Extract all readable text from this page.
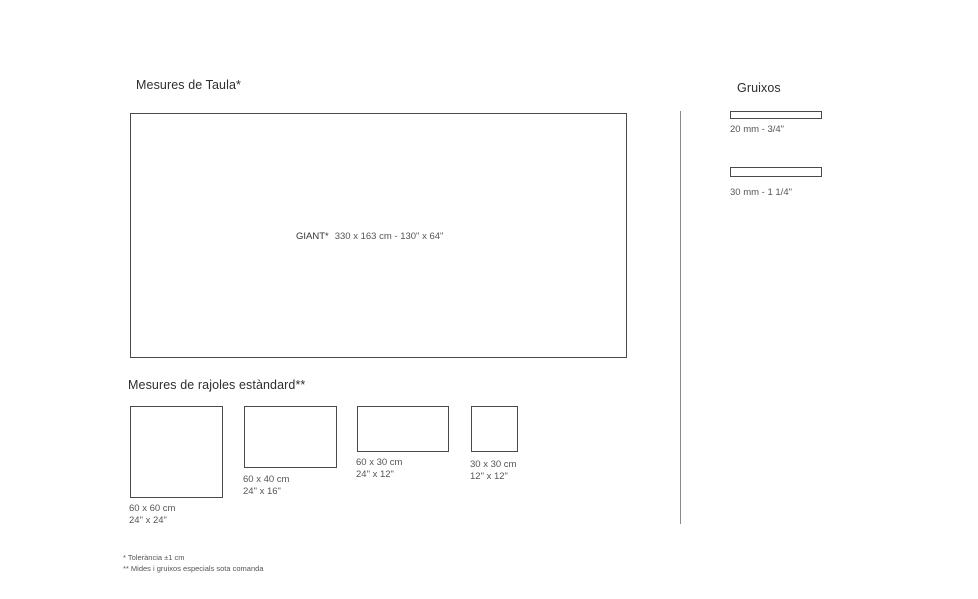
Mesures de Taula*
GIANT* 330 x 163 cm - 130" x 64"
Mesures de rajoles estàndard**
60 x 60 cm
24" x 24"
60 x 40 cm
24" x 16"
60 x 30 cm
24" x 12"
30 x 30 cm
12" x 12"
Gruixos
20 mm - 3/4"
30 mm - 1 1/4"
* Tolerància ±1 cm
** Mides i gruixos especials sota comanda
